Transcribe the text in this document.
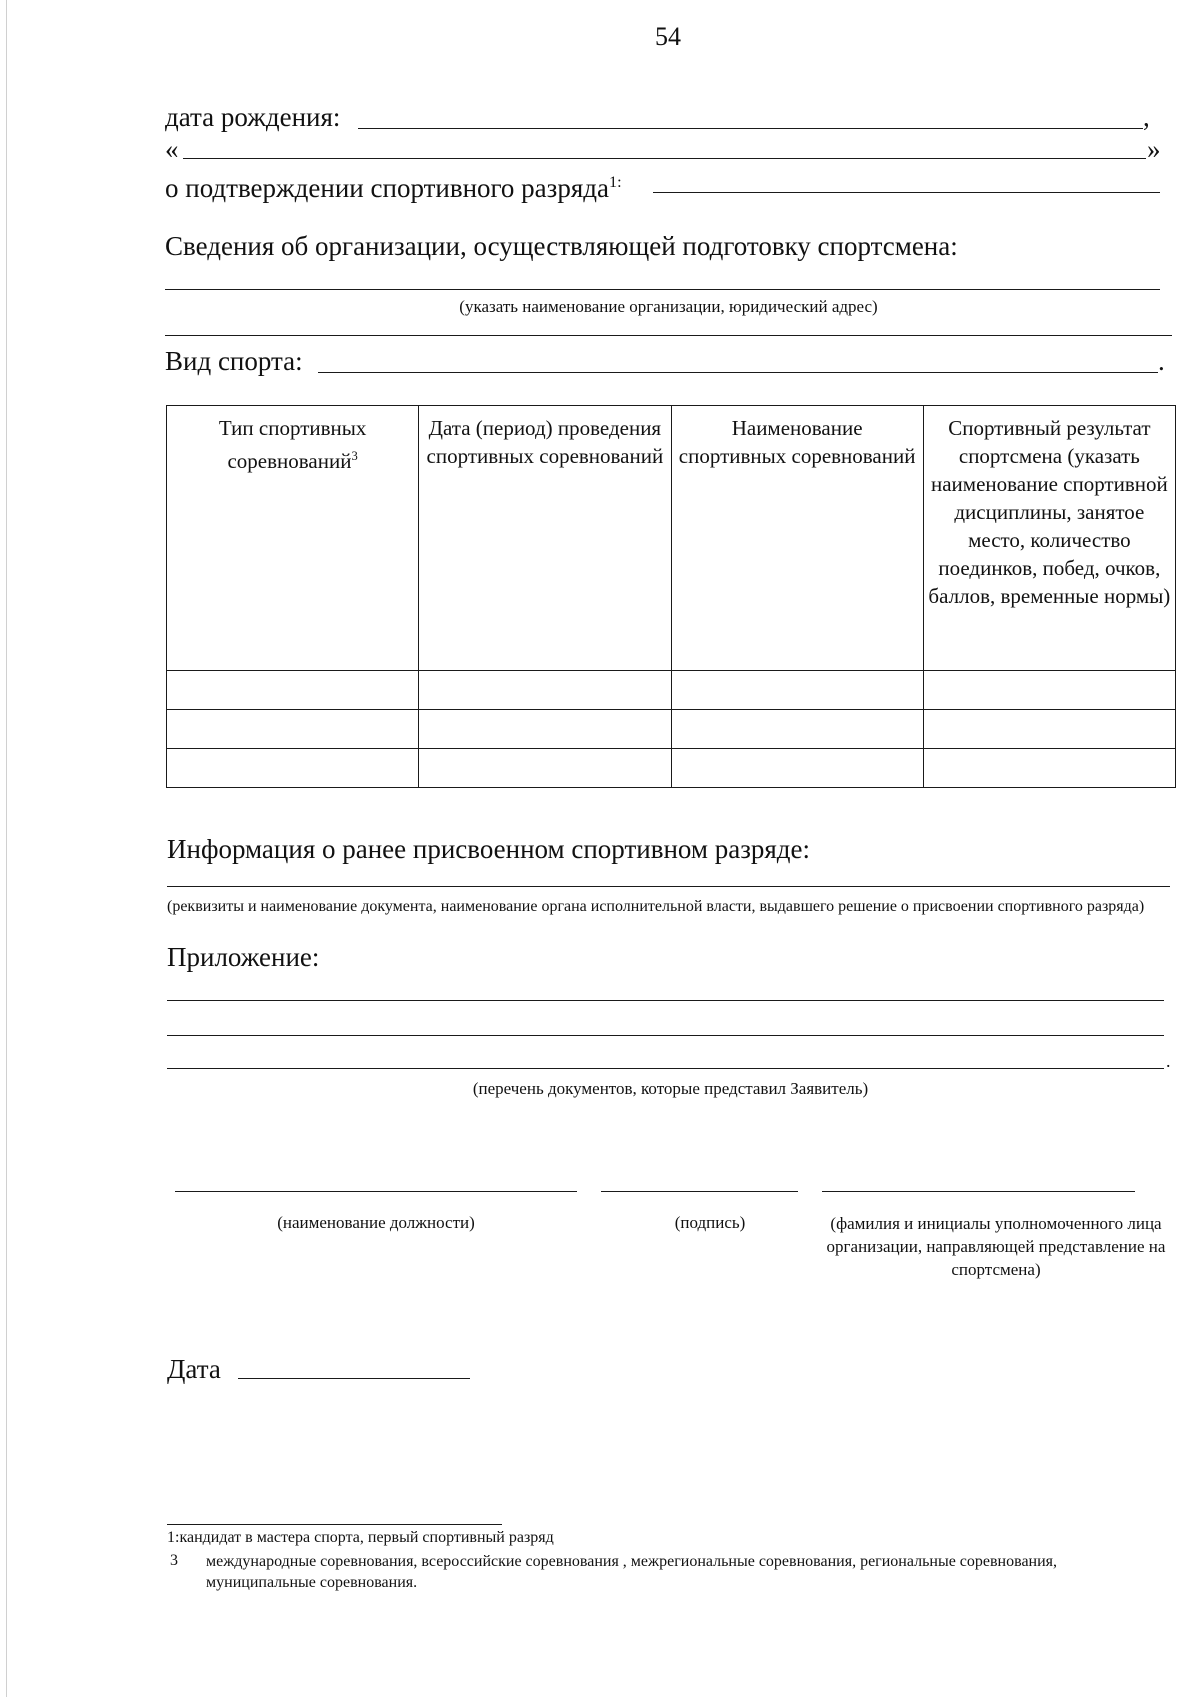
54
дата рождения:	,
«	»
о подтверждении спортивного разряда$^{1:}$
Сведения об организации, осуществляющей подготовку спортсмена:
(указать наименование организации, юридический адрес)
Вид спорта:	.
Тип спортивных соревнований$^3$	Дата (период) проведения спортивных соревнований	Наименование спортивных соревнований	Спортивный результат спортсмена (указать наименование спортивной дисциплины, занятое место, количество поединков, побед, очков, баллов, временные нормы)

Информация о ранее присвоенном спортивном разряде:
(реквизиты и наименование документа, наименование органа исполнительной власти, выдавшего решение о присвоении спортивного разряда)
Приложение:
.
(перечень документов, которые представил Заявитель)
(наименование должности)	(подпись)	(фамилия и инициалы уполномоченного лица организации, направляющей представление на спортсмена)
Дата
1:кандидат в мастера спорта, первый спортивный разряд
3 международные соревнования, всероссийские соревнования , межрегиональные соревнования, региональные соревнования, муниципальные соревнования.
